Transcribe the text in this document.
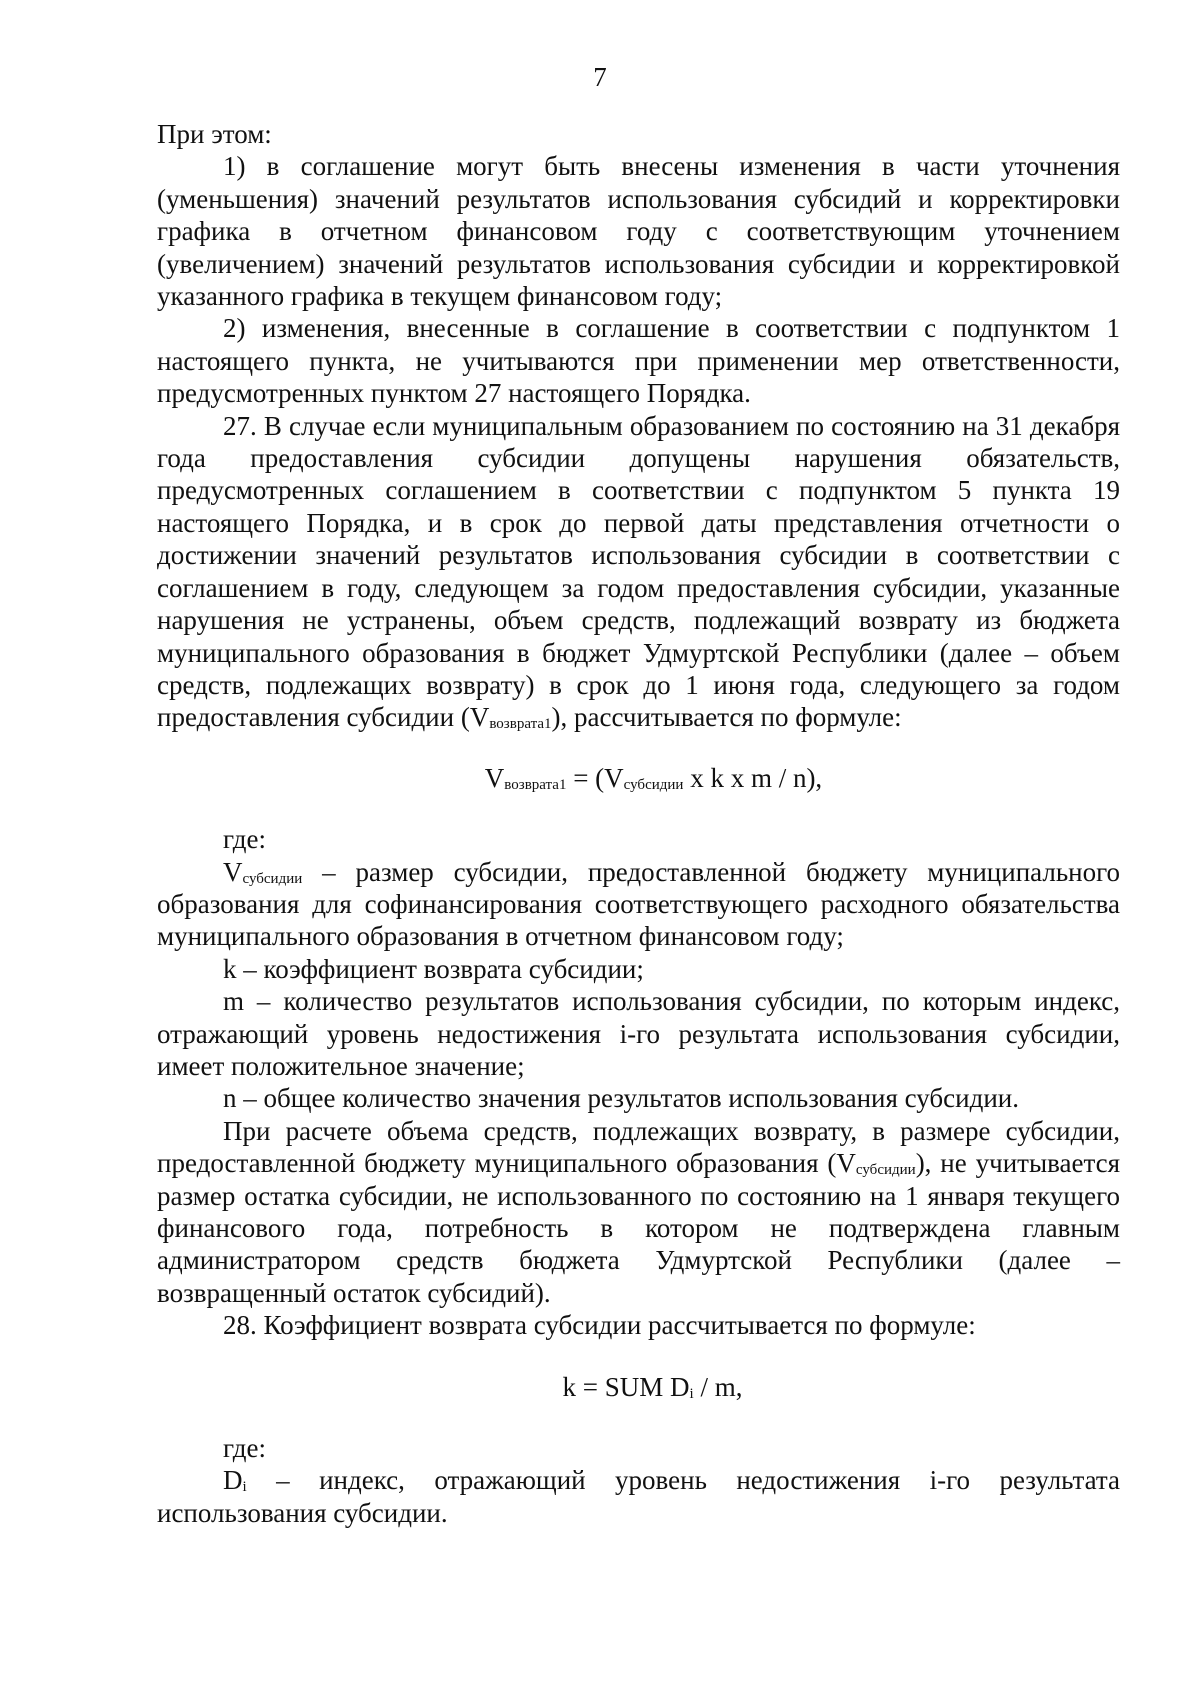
7

При этом:

1) в соглашение могут быть внесены изменения в части уточнения (уменьшения) значений результатов использования субсидий и корректировки графика в отчетном финансовом году с соответствующим уточнением (увеличением) значений результатов использования субсидии и корректировкой указанного графика в текущем финансовом году;

2) изменения, внесенные в соглашение в соответствии с подпунктом 1 настоящего пункта, не учитываются при применении мер ответственности, предусмотренных пунктом 27 настоящего Порядка.

27. В случае если муниципальным образованием по состоянию на 31 декабря года предоставления субсидии допущены нарушения обязательств, предусмотренных соглашением в соответствии с подпунктом 5 пункта 19 настоящего Порядка, и в срок до первой даты представления отчетности о достижении значений результатов использования субсидии в соответствии с соглашением в году, следующем за годом предоставления субсидии, указанные нарушения не устранены, объем средств, подлежащий возврату из бюджета муниципального образования в бюджет Удмуртской Республики (далее – объем средств, подлежащих возврату) в срок до 1 июня года, следующего за годом предоставления субсидии $(V_{возврата1})$, рассчитывается по формуле:

$V_{возврата1} = (V_{субсидии}$ x k x m / n),

где:

$V_{субсидии}$ – размер субсидии, предоставленной бюджету муниципального образования для софинансирования соответствующего расходного обязательства муниципального образования в отчетном финансовом году;

k – коэффициент возврата субсидии;

m – количество результатов использования субсидии, по которым индекс, отражающий уровень недостижения i-го результата использования субсидии, имеет положительное значение;

n – общее количество значения результатов использования субсидии.

При расчете объема средств, подлежащих возврату, в размере субсидии, предоставленной бюджету муниципального образования $(V_{субсидии})$, не учитывается размер остатка субсидии, не использованного по состоянию на 1 января текущего финансового года, потребность в котором не подтверждена главным администратором средств бюджета Удмуртской Республики (далее – возвращенный остаток субсидий).

28. Коэффициент возврата субсидии рассчитывается по формуле:

k = SUM $D_i$ / m,

где:

$D_i$ – индекс, отражающий уровень недостижения i-го результата использования субсидии.
